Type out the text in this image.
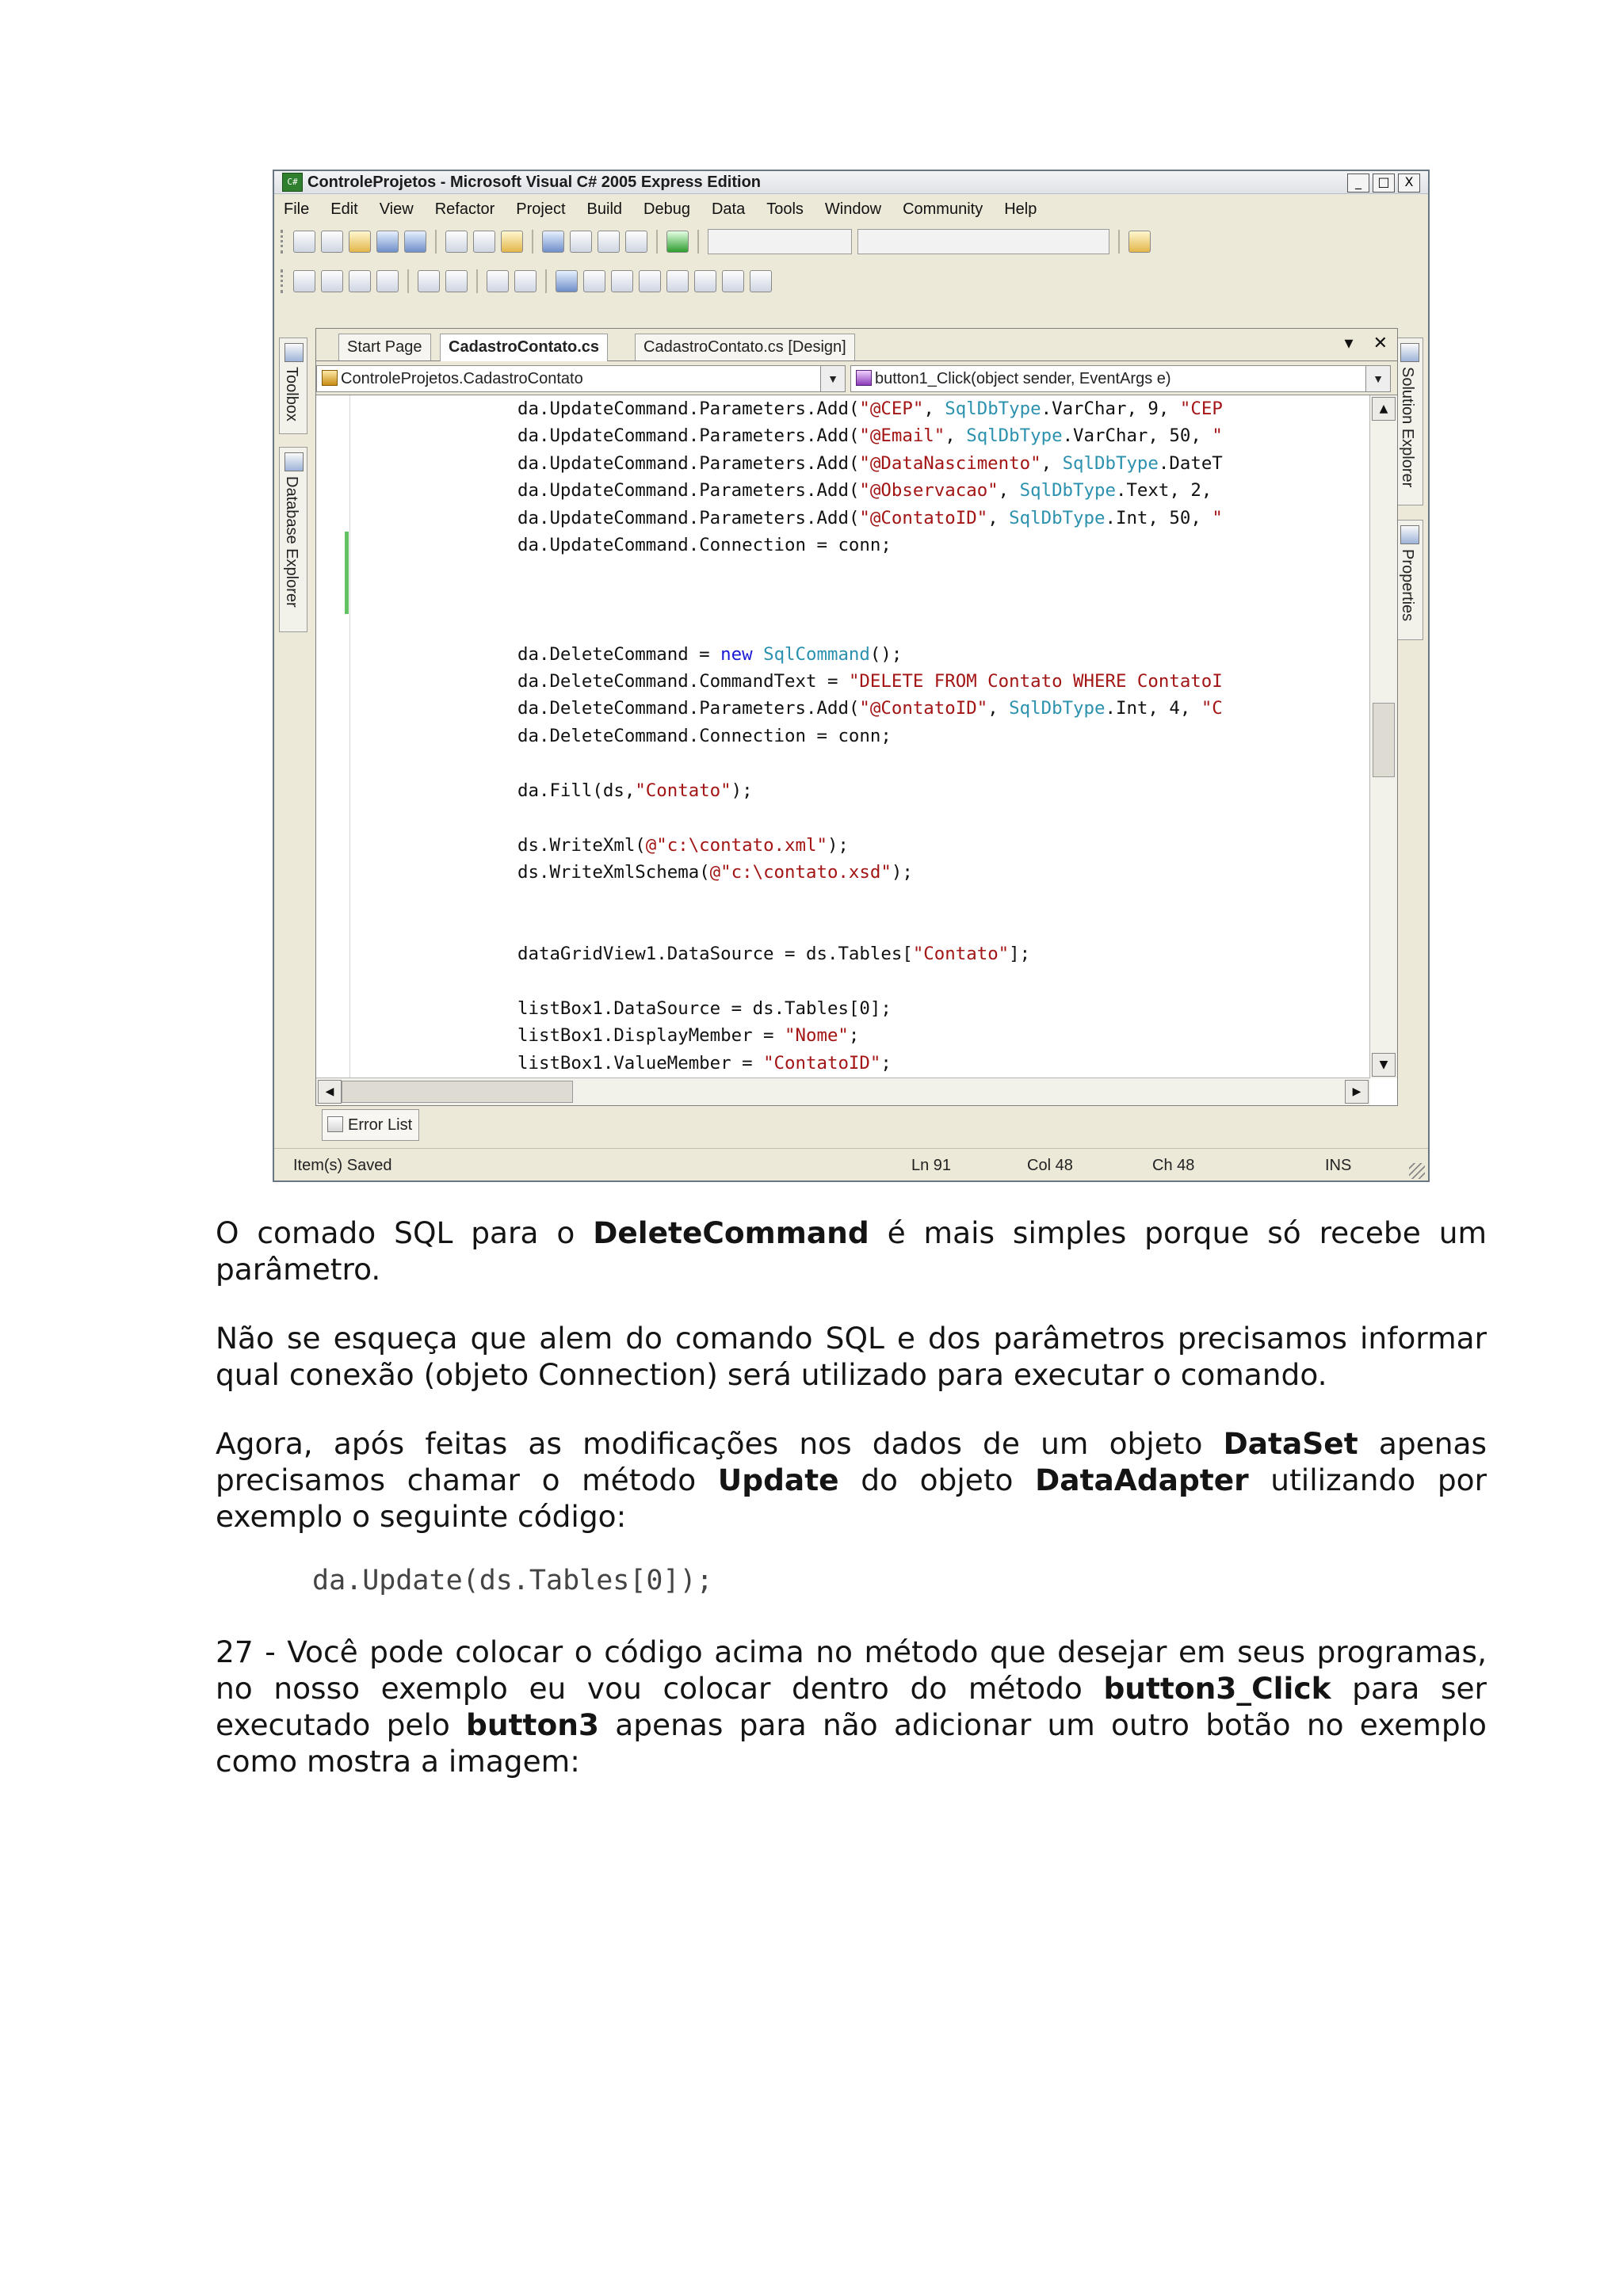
C# ControleProjetos - Microsoft Visual C# 2005 Express Edition	_	□	X
File Edit View Refactor Project Build Debug Data Tools Window Community Help
Toolbox
Database Explorer
Solution Explorer
Properties
Start Page	CadastroContato.cs	CadastroContato.cs [Design]	▾ ✕
ControleProjetos.CadastroContato	▼	button1_Click(object sender, EventArgs e)	▼
da.UpdateCommand.Parameters.Add("@CEP", SqlDbType.VarChar, 9, "CEP
da.UpdateCommand.Parameters.Add("@Email", SqlDbType.VarChar, 50, "
da.UpdateCommand.Parameters.Add("@DataNascimento", SqlDbType.DateT
da.UpdateCommand.Parameters.Add("@Observacao", SqlDbType.Text, 2,
da.UpdateCommand.Parameters.Add("@ContatoID", SqlDbType.Int, 50, "
da.UpdateCommand.Connection = conn;

da.DeleteCommand = new SqlCommand();
da.DeleteCommand.CommandText = "DELETE FROM Contato WHERE ContatoI
da.DeleteCommand.Parameters.Add("@ContatoID", SqlDbType.Int, 4, "C
da.DeleteCommand.Connection = conn;

da.Fill(ds,"Contato");

ds.WriteXml(@"c:\contato.xml");
ds.WriteXmlSchema(@"c:\contato.xsd");

dataGridView1.DataSource = ds.Tables["Contato"];

listBox1.DataSource = ds.Tables[0];
listBox1.DisplayMember = "Nome";
listBox1.ValueMember = "ContatoID";

▲
▼
◀	▶
Error List
Item(s) Saved	Ln 91	Col 48	Ch 48	INS

O comado SQL para o DeleteCommand é mais simples porque só recebe um parâmetro.

Não se esqueça que alem do comando SQL e dos parâmetros precisamos informar qual conexão (objeto Connection) será utilizado para executar o comando.

Agora, após feitas as modificações nos dados de um objeto DataSet apenas precisamos chamar o método Update do objeto DataAdapter utilizando por exemplo o seguinte código:

da.Update(ds.Tables[0]);

27 - Você pode colocar o código acima no método que desejar em seus programas, no nosso exemplo eu vou colocar dentro do método button3_Click para ser executado pelo button3 apenas para não adicionar um outro botão no exemplo como mostra a imagem:
